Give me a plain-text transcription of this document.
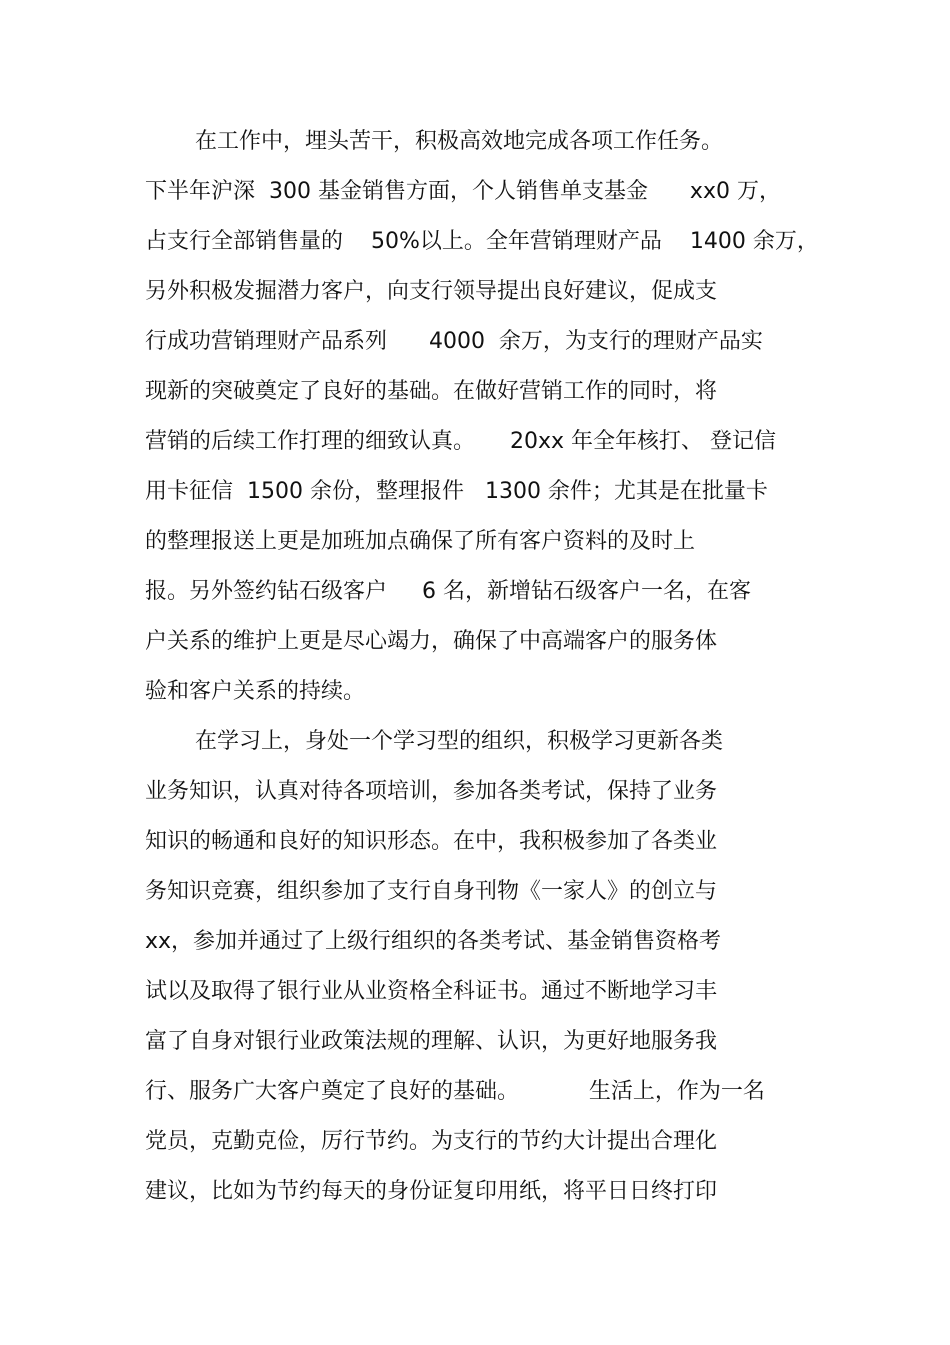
在工作中，埋头苦干，积极高效地完成各项工作任务。
下半年沪深  300 基金销售方面，个人销售单支基金      xx0 万，
占支行全部销售量的    50%以上。全年营销理财产品    1400 余万，
另外积极发掘潜力客户，向支行领导提出良好建议，促成支
行成功营销理财产品系列      4000  余万，为支行的理财产品实
现新的突破奠定了良好的基础。在做好营销工作的同时，将
营销的后续工作打理的细致认真。     20xx 年全年核打、 登记信
用卡征信  1500 余份，整理报件   1300 余件；尤其是在批量卡
的整理报送上更是加班加点确保了所有客户资料的及时上
报。另外签约钻石级客户     6 名，新增钻石级客户一名，在客
户关系的维护上更是尽心竭力，确保了中高端客户的服务体
验和客户关系的持续。
在学习上，身处一个学习型的组织，积极学习更新各类
业务知识，认真对待各项培训，参加各类考试，保持了业务
知识的畅通和良好的知识形态。在中，我积极参加了各类业
务知识竞赛，组织参加了支行自身刊物《一家人》的创立与
xx，参加并通过了上级行组织的各类考试、基金销售资格考
试以及取得了银行业从业资格全科证书。通过不断地学习丰
富了自身对银行业政策法规的理解、认识，为更好地服务我
行、服务广大客户奠定了良好的基础。          生活上，作为一名
党员，克勤克俭，厉行节约。为支行的节约大计提出合理化
建议，比如为节约每天的身份证复印用纸，将平日日终打印
